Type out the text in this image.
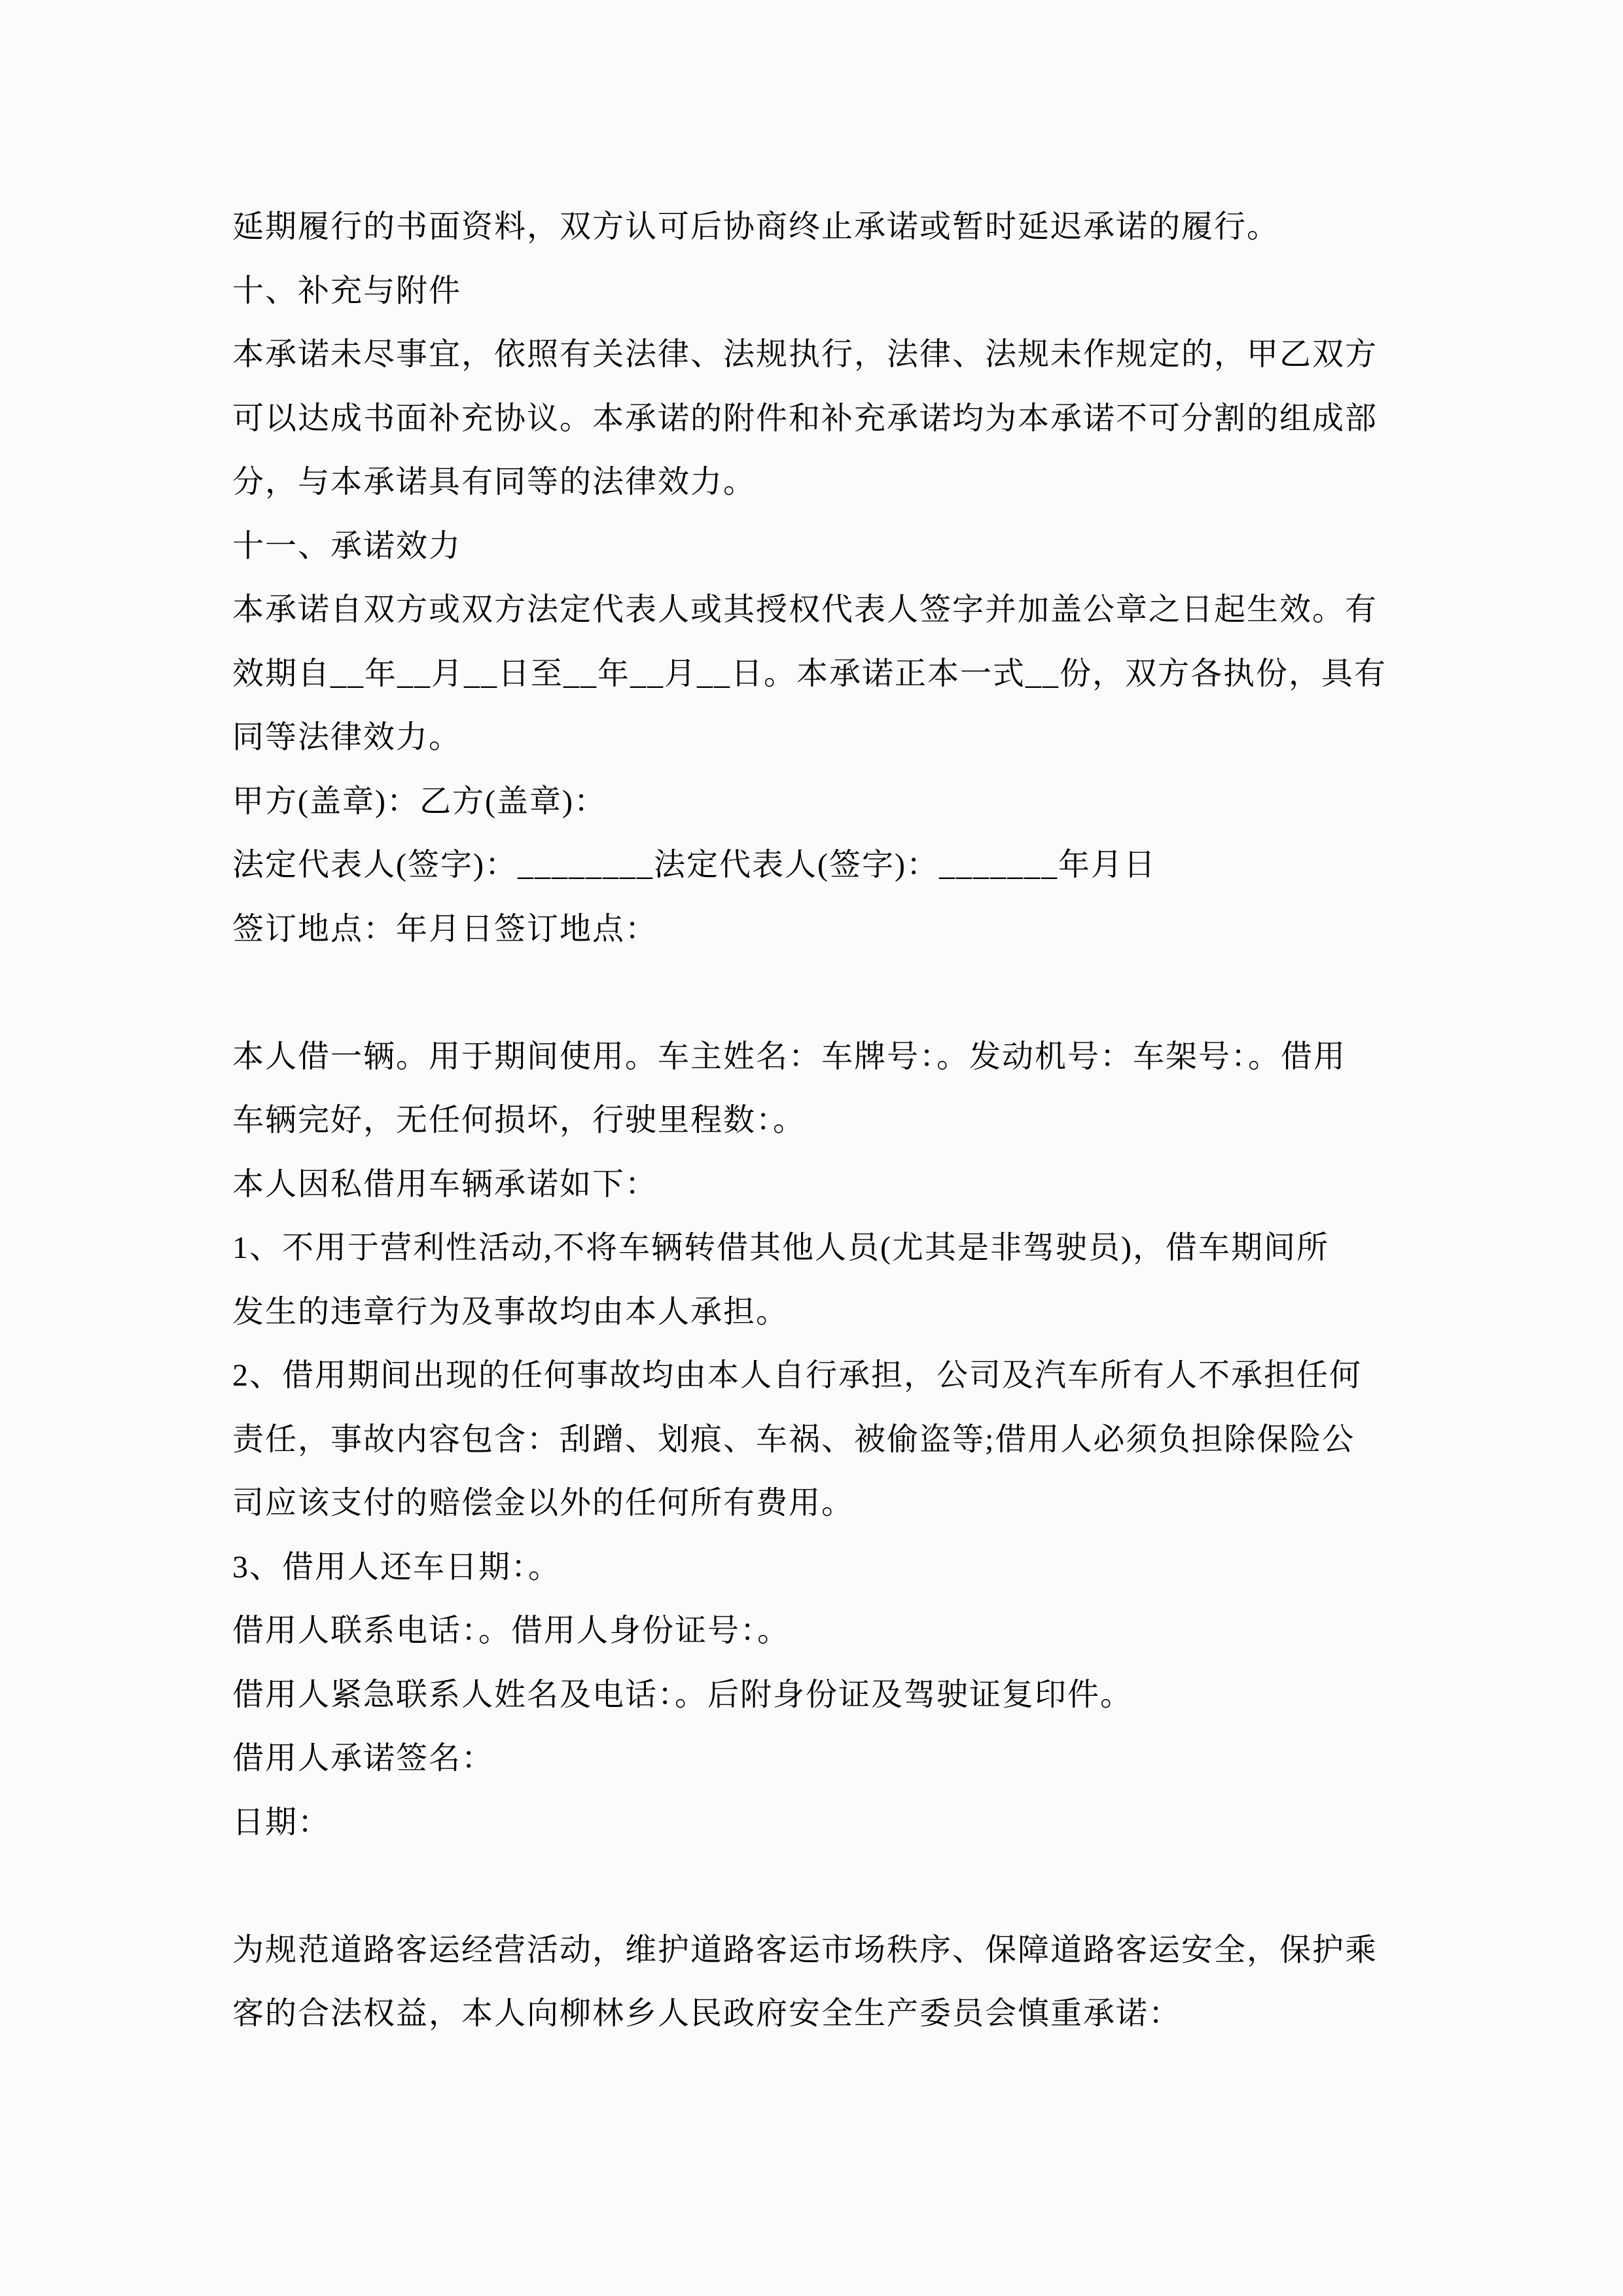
延期履行的书面资料，双方认可后协商终止承诺或暂时延迟承诺的履行。

十、补充与附件

本承诺未尽事宜，依照有关法律、法规执行，法律、法规未作规定的，甲乙双方

可以达成书面补充协议。本承诺的附件和补充承诺均为本承诺不可分割的组成部

分，与本承诺具有同等的法律效力。

十一、承诺效力

本承诺自双方或双方法定代表人或其授权代表人签字并加盖公章之日起生效。有

效期自__年__月__日至__年__月__日。本承诺正本一式__份，双方各执份，具有

同等法律效力。

甲方(盖章)：乙方(盖章)：

法定代表人(签字)：________法定代表人(签字)：_______年月日

签订地点：年月日签订地点：

本人借一辆。用于期间使用。车主姓名：车牌号：。发动机号：车架号：。借用

车辆完好，无任何损坏，行驶里程数：。

本人因私借用车辆承诺如下：

1、不用于营利性活动,不将车辆转借其他人员(尤其是非驾驶员)，借车期间所

发生的违章行为及事故均由本人承担。

2、借用期间出现的任何事故均由本人自行承担，公司及汽车所有人不承担任何

责任，事故内容包含：刮蹭、划痕、车祸、被偷盗等;借用人必须负担除保险公

司应该支付的赔偿金以外的任何所有费用。

3、借用人还车日期：。

借用人联系电话：。借用人身份证号：。

借用人紧急联系人姓名及电话：。后附身份证及驾驶证复印件。

借用人承诺签名：

日期：

为规范道路客运经营活动，维护道路客运市场秩序、保障道路客运安全，保护乘

客的合法权益，本人向柳林乡人民政府安全生产委员会慎重承诺：
